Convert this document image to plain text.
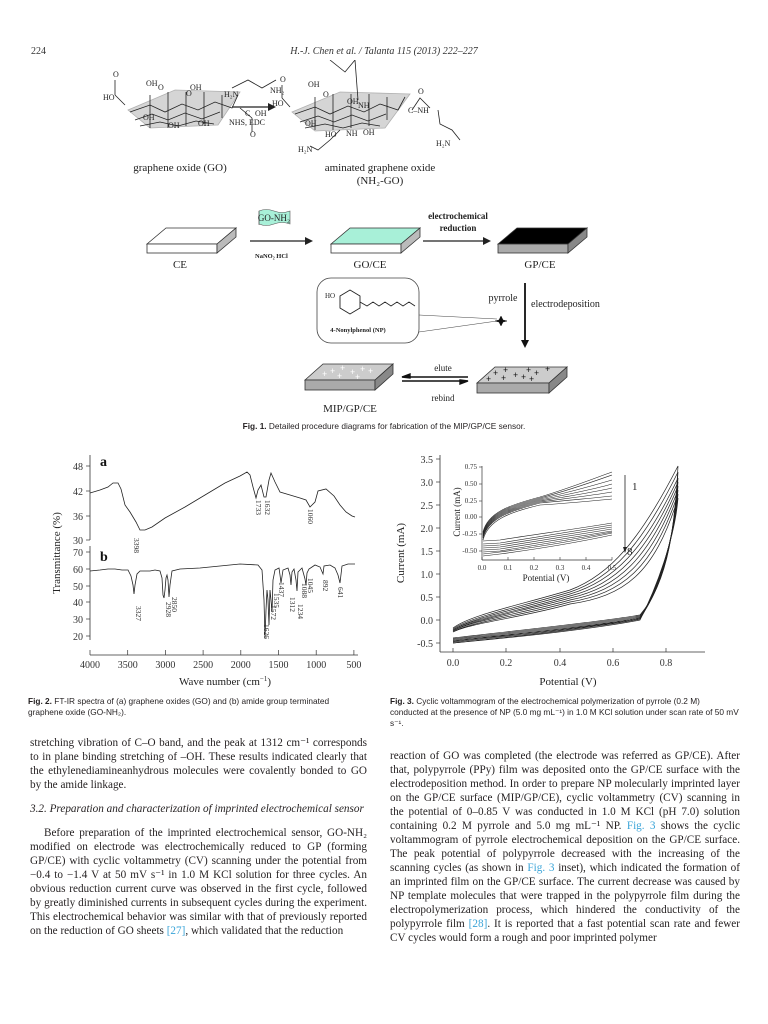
224	H.-J. Chen et al. / Talanta 115 (2013) 222–227
O
HO
OH O
O
OH
OH
OH OH
C OH
O
graphene oxide (GO)
H₂N	NH₂
NHS, EDC
O
HO
OH
O
OH NH
O
C–NH
OH
HO NH OH
H₂N
H₂N
aminated graphene oxide
(NH₂-GO)
CE
GO-NH₂
NaNO₂ HCl
GO/CE
electrochemical
reduction
GP/CE
HO
4-Nonylphenol (NP)
pyrrole
electrodeposition
+ + + + +
+ +
+
MIP/GP/CE
elute
rebind
+ + + + + +
+ + + +
Fig. 1. Detailed procedure diagrams for fabrication of the MIP/GP/CE sensor.
48
42
36
30
70
60
50
40
30
20
4000 3500 3000 2500 2000 1500 1000 500
Wave number $(cm^{-1})$
Transmittance (%)
a
b
3398
1733 1632
1060
3327	2928
2850
1626
1572
1535
1437
1312 1234
1088
1045 892
641
Fig. 2. FT-IR spectra of (a) graphene oxides (GO) and (b) amide group terminated graphene oxide (GO-NH₂).
3.5
3.0
2.5
2.0
1.5
1.0
0.5
0.0
-0.5
0.0	0.2	0.4	0.6	0.8
Potential (V)
Current (mA)
0.75
0.50
0.25
0.00
-0.25
-0.50
0.0 0.1 0.2 0.3 0.4 0.5
Potential (V)
Current (mA)
1
8
Fig. 3. Cyclic voltammogram of the electrochemical polymerization of pyrrole (0.2 M) conducted at the presence of NP (5.0 mg mL⁻¹) in 1.0 M KCl solution under scan rate of 50 mV s⁻¹.

stretching vibration of C–O band, and the peak at 1312 cm⁻¹ corresponds to in plane binding stretching of –OH. These results indicated clearly that the ethylenediamineanhydrous molecules were covalently bonded to GO by the amide linkage.

3.2. Preparation and characterization of imprinted electrochemical sensor

Before preparation of the imprinted electrochemical sensor, GO-NH₂ modified on electrode was electrochemically reduced to GP (forming GP/CE) with cyclic voltammetry (CV) scanning under the potential from −0.4 to −1.4 V at 50 mV s⁻¹ in 1.0 M KCl solution for three cycles. An obvious reduction current curve was observed in the first cycle, followed by greatly diminished currents in subsequent cycles during the experiment. This electrochemical behavior was similar with that of previously reported on the reduction of GO sheets [27], which validated that the reduction

reaction of GO was completed (the electrode was referred as GP/CE). After that, polypyrrole (PPy) film was deposited onto the GP/CE surface with the electrodeposition method. In order to prepare NP molecularly imprinted layer on the GP/CE surface (MIP/GP/CE), cyclic voltammetry (CV) scanning in the potential of 0–0.85 V was conducted in 1.0 M KCl (pH 7.0) solution containing 0.2 M pyrrole and 5.0 mg mL⁻¹ NP. Fig. 3 shows the cyclic voltammogram of pyrrole electrochemical deposition on the GP/CE surface. The peak potential of polypyrrole decreased with the increasing of the scanning cycles (as shown in Fig. 3 inset), which indicated the formation of an imprinted film on the GP/CE surface. The current decrease was caused by NP template molecules that were trapped in the polypyrrole film during the electropolymerization process, which hindered the conductivity of the polypyrrole film [28]. It is reported that a fast potential scan rate and fewer CV cycles would form a rough and poor imprinted polymer
